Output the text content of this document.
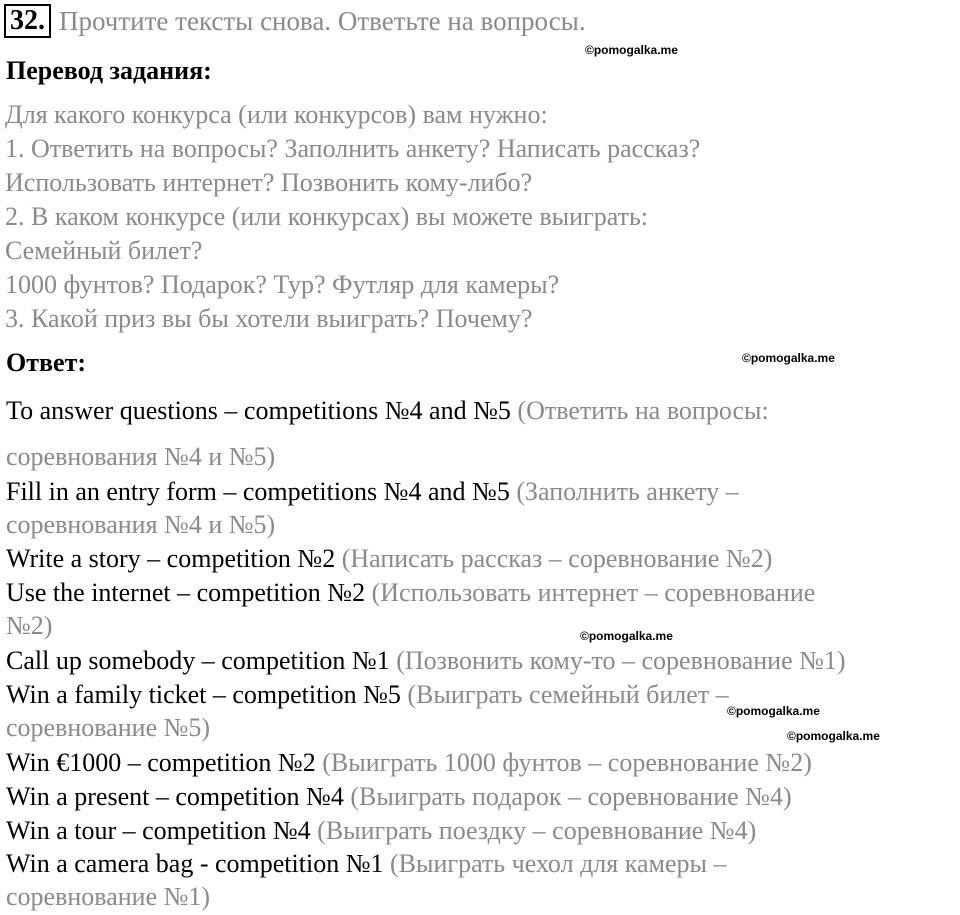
32. Прочтите тексты снова. Ответьте на вопросы.
©pomogalka.me
Перевод задания:
Для какого конкурса (или конкурсов) вам нужно:
1. Ответить на вопросы? Заполнить анкету? Написать рассказ?
Использовать интернет? Позвонить кому-либо?
2. В каком конкурсе (или конкурсах) вы можете выиграть:
Семейный билет?
1000 фунтов? Подарок? Тур? Футляр для камеры?
3. Какой приз вы бы хотели выиграть? Почему?
Ответ:	©pomogalka.me
To answer questions – competitions №4 and №5 (Ответить на вопросы:
соревнования №4 и №5)
Fill in an entry form – competitions №4 and №5 (Заполнить анкету –
соревнования №4 и №5)
Write a story – competition №2 (Написать рассказ – соревнование №2)
Use the internet – competition №2 (Использовать интернет – соревнование
№2)	©pomogalka.me
Call up somebody – competition №1 (Позвонить кому-то – соревнование №1)
Win a family ticket – competition №5 (Выиграть семейный билет –
соревнование №5)
©pomogalka.me
©pomogalka.me
Win €1000 – competition №2 (Выиграть 1000 фунтов – соревнование №2)
Win a present – competition №4 (Выиграть подарок – соревнование №4)
Win a tour – competition №4 (Выиграть поездку – соревнование №4)
Win a camera bag - competition №1 (Выиграть чехол для камеры –
соревнование №1)
